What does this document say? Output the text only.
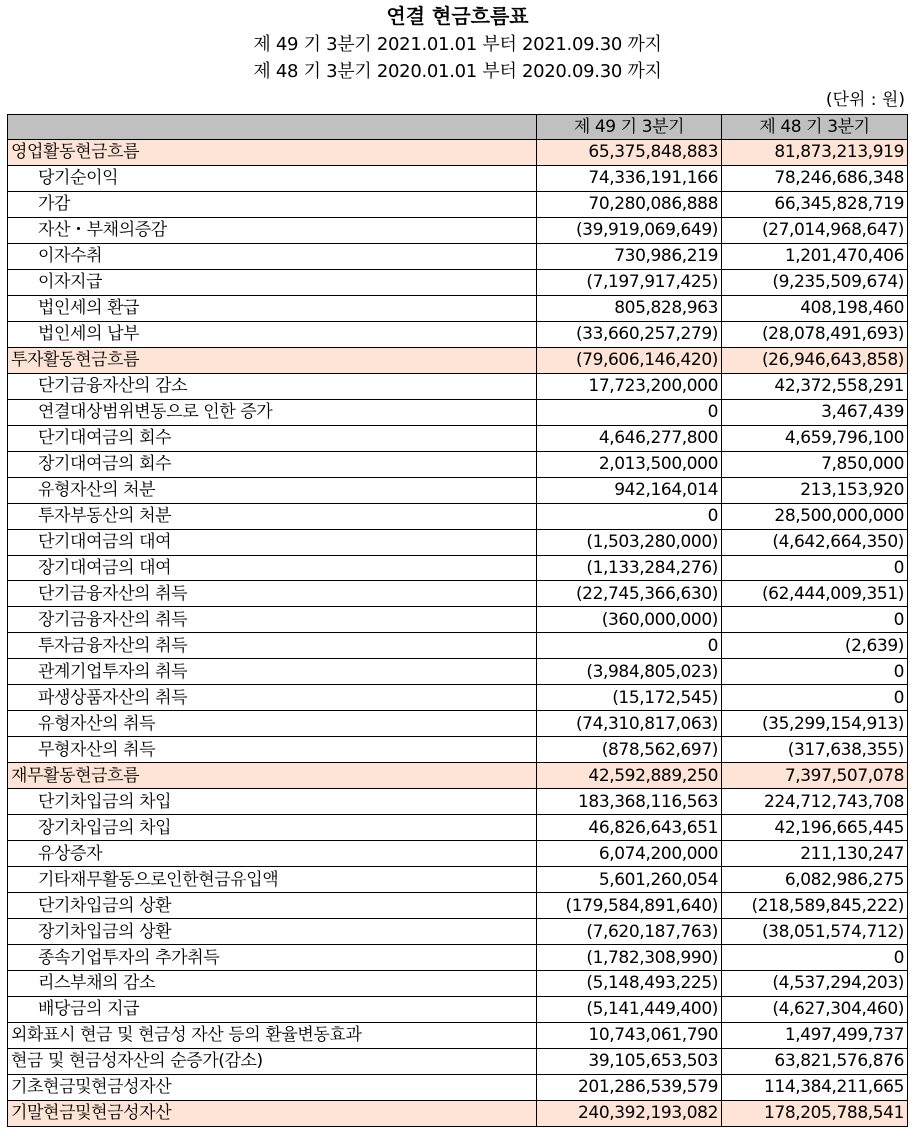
연결 현금흐름표
제 49 기 3분기 2021.01.01 부터 2021.09.30 까지
제 48 기 3분기 2020.01.01 부터 2020.09.30 까지
(단위 : 원)
	제 49 기 3분기	제 48 기 3분기
영업활동현금흐름	65,375,848,883	81,873,213,919
당기순이익	74,336,191,166	78,246,686,348
가감	70,280,086,888	66,345,828,719
자산・부채의증감	(39,919,069,649)	(27,014,968,647)
이자수취	730,986,219	1,201,470,406
이자지급	(7,197,917,425)	(9,235,509,674)
법인세의 환급	805,828,963	408,198,460
법인세의 납부	(33,660,257,279)	(28,078,491,693)
투자활동현금흐름	(79,606,146,420)	(26,946,643,858)
단기금융자산의 감소	17,723,200,000	42,372,558,291
연결대상범위변동으로 인한 증가	0	3,467,439
단기대여금의 회수	4,646,277,800	4,659,796,100
장기대여금의 회수	2,013,500,000	7,850,000
유형자산의 처분	942,164,014	213,153,920
투자부동산의 처분	0	28,500,000,000
단기대여금의 대여	(1,503,280,000)	(4,642,664,350)
장기대여금의 대여	(1,133,284,276)	0
단기금융자산의 취득	(22,745,366,630)	(62,444,009,351)
장기금융자산의 취득	(360,000,000)	0
투자금융자산의 취득	0	(2,639)
관계기업투자의 취득	(3,984,805,023)	0
파생상품자산의 취득	(15,172,545)	0
유형자산의 취득	(74,310,817,063)	(35,299,154,913)
무형자산의 취득	(878,562,697)	(317,638,355)
재무활동현금흐름	42,592,889,250	7,397,507,078
단기차입금의 차입	183,368,116,563	224,712,743,708
장기차입금의 차입	46,826,643,651	42,196,665,445
유상증자	6,074,200,000	211,130,247
기타재무활동으로인한현금유입액	5,601,260,054	6,082,986,275
단기차입금의 상환	(179,584,891,640)	(218,589,845,222)
장기차입금의 상환	(7,620,187,763)	(38,051,574,712)
종속기업투자의 추가취득	(1,782,308,990)	0
리스부채의 감소	(5,148,493,225)	(4,537,294,203)
배당금의 지급	(5,141,449,400)	(4,627,304,460)
외화표시 현금 및 현금성 자산 등의 환율변동효과	10,743,061,790	1,497,499,737
현금 및 현금성자산의 순증가(감소)	39,105,653,503	63,821,576,876
기초현금및현금성자산	201,286,539,579	114,384,211,665
기말현금및현금성자산	240,392,193,082	178,205,788,541
